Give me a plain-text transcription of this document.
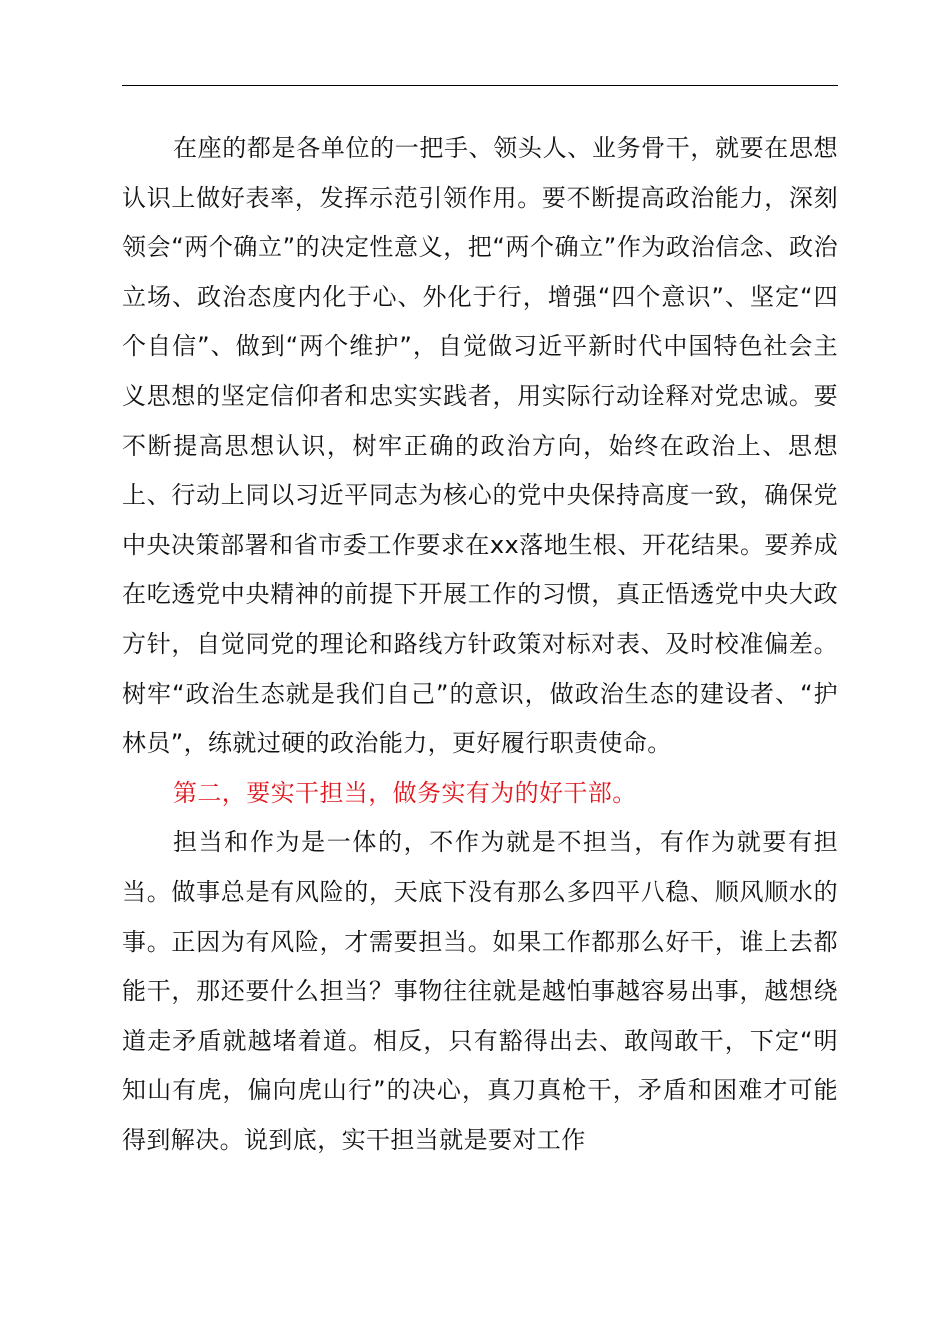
在座的都是各单位的一把手、领头人、业务骨干，就要在思想认识上做好表率，发挥示范引领作用。要不断提高政治能力，深刻领会“两个确立”的决定性意义，把“两个确立”作为政治信念、政治立场、政治态度内化于心、外化于行，增强“四个意识”、坚定“四个自信”、做到“两个维护”，自觉做习近平新时代中国特色社会主义思想的坚定信仰者和忠实实践者，用实际行动诠释对党忠诚。要不断提高思想认识，树牢正确的政治方向，始终在政治上、思想上、行动上同以习近平同志为核心的党中央保持高度一致，确保党中央决策部署和省市委工作要求在xx落地生根、开花结果。要养成在吃透党中央精神的前提下开展工作的习惯，真正悟透党中央大政方针，自觉同党的理论和路线方针政策对标对表、及时校准偏差。树牢“政治生态就是我们自己”的意识，做政治生态的建设者、“护林员”，练就过硬的政治能力，更好履行职责使命。

第二，要实干担当，做务实有为的好干部。

担当和作为是一体的，不作为就是不担当，有作为就要有担当。做事总是有风险的，天底下没有那么多四平八稳、顺风顺水的事。正因为有风险，才需要担当。如果工作都那么好干，谁上去都能干，那还要什么担当？事物往往就是越怕事越容易出事，越想绕道走矛盾就越堵着道。相反，只有豁得出去、敢闯敢干，下定“明知山有虎，偏向虎山行”的决心，真刀真枪干，矛盾和困难才可能得到解决。说到底，实干担当就是要对工作
